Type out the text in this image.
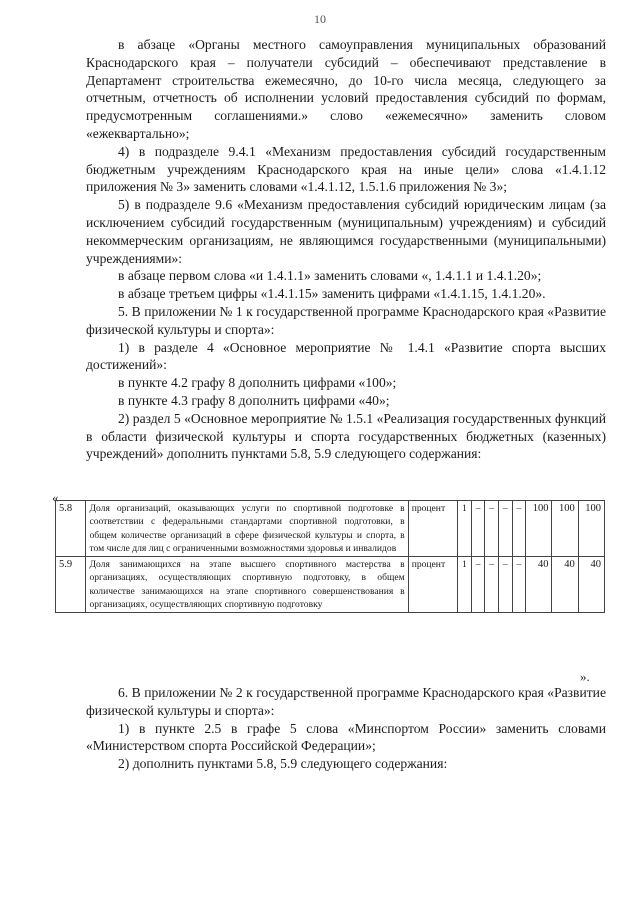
10

в абзаце «Органы местного самоуправления муниципальных образований Краснодарского края – получатели субсидий – обеспечивают представление в Департамент строительства ежемесячно, до 10-го числа месяца, следующего за отчетным, отчетность об исполнении условий предоставления субсидий по формам, предусмотренным соглашениями.» слово «ежемесячно» заменить словом «ежеквартально»;

4) в подразделе 9.4.1 «Механизм предоставления субсидий государственным бюджетным учреждениям Краснодарского края на иные цели» слова «1.4.1.12 приложения № 3» заменить словами «1.4.1.12, 1.5.1.6 приложения № 3»;

5) в подразделе 9.6 «Механизм предоставления субсидий юридическим лицам (за исключением субсидий государственным (муниципальным) учреждениям) и субсидий некоммерческим организациям, не являющимся государственными (муниципальными) учреждениями»:

в абзаце первом слова «и 1.4.1.1» заменить словами «, 1.4.1.1 и 1.4.1.20»;

в абзаце третьем цифры «1.4.1.15» заменить цифрами «1.4.1.15, 1.4.1.20».

5. В приложении № 1 к государственной программе Краснодарского края «Развитие физической культуры и спорта»:

1) в разделе 4 «Основное мероприятие № 1.4.1 «Развитие спорта высших достижений»:

в пункте 4.2 графу 8 дополнить цифрами «100»;

в пункте 4.3 графу 8 дополнить цифрами «40»;

2) раздел 5 «Основное мероприятие № 1.5.1 «Реализация государственных функций в области физической культуры и спорта государственных бюджетных (казенных) учреждений» дополнить пунктами 5.8, 5.9 следующего содержания:

«
5.8	Доля организаций, оказывающих услуги по спортивной подготовке в соответствии с федеральными стандартами спортивной подготовки, в общем количестве организаций в сфере физической культуры и спорта, в том числе для лиц с ограниченными возможностями здоровья и инвалидов	процент	1	–	–	–	–	100	100	100
5.9	Доля занимающихся на этапе высшего спортивного мастерства в организациях, осуществляющих спортивную подготовку, в общем количестве занимающихся на этапе спортивного совершенствования в организациях, осуществляющих спортивную подготовку	процент	1	–	–	–	–	40	40	40
».

6. В приложении № 2 к государственной программе Краснодарского края «Развитие физической культуры и спорта»:

1) в пункте 2.5 в графе 5 слова «Минспортом России» заменить словами «Министерством спорта Российской Федерации»;

2) дополнить пунктами 5.8, 5.9 следующего содержания:
